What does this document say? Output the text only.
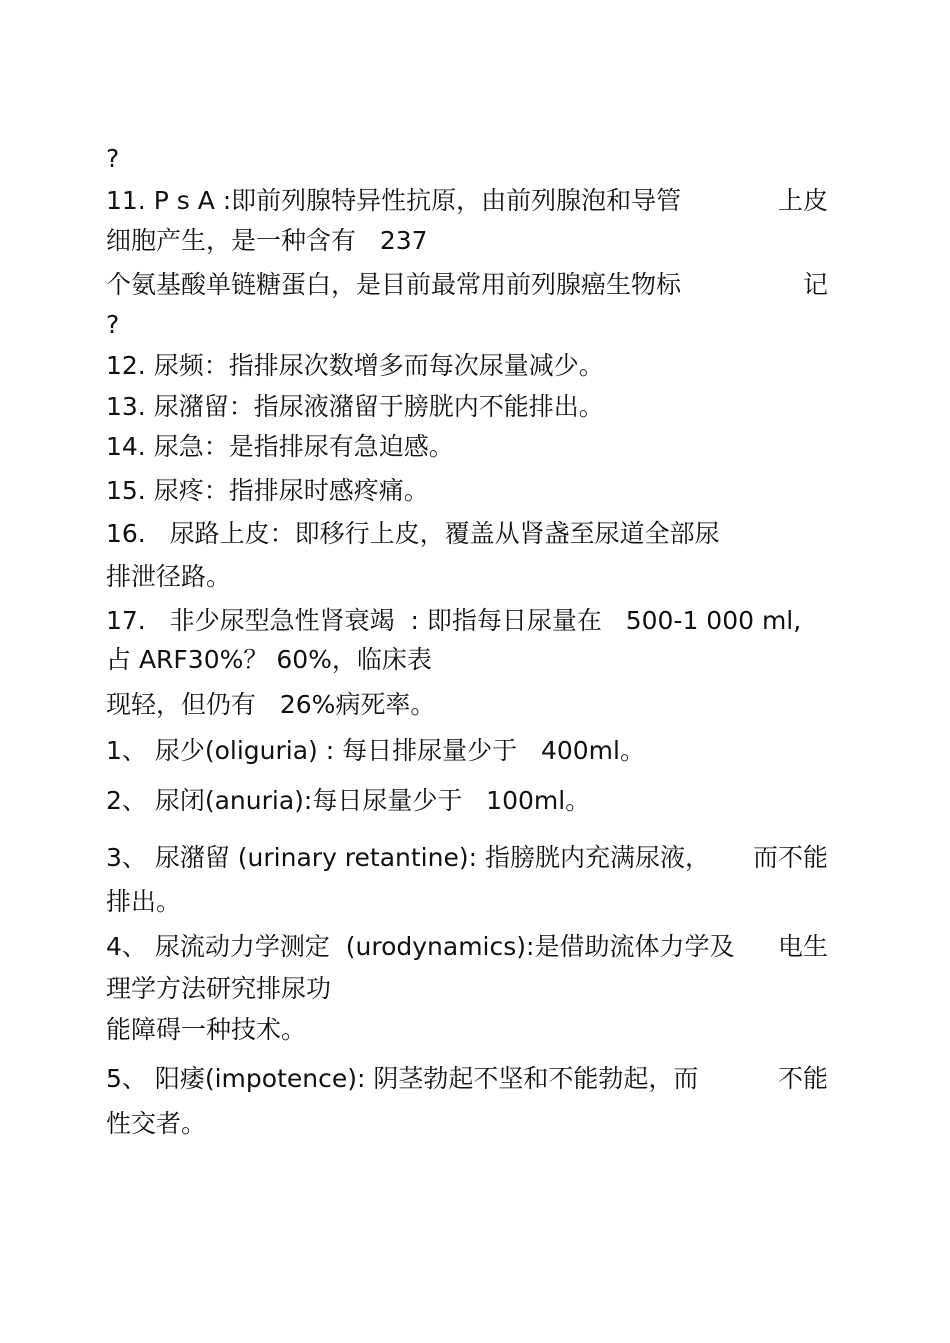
?
11. P s A :即前列腺特异性抗原，由前列腺泡和导管	上皮
细胞产生，是一种含有   237
个氨基酸单链糖蛋白，是目前最常用前列腺癌生物标	记
?
12. 尿频：指排尿次数增多而每次尿量减少。
13. 尿潴留：指尿液潴留于膀胱内不能排出。
14. 尿急：是指排尿有急迫感。
15. 尿疼：指排尿时感疼痛。
16.   尿路上皮：即移行上皮，覆盖从肾盏至尿道全部尿
排泄径路。
17.   非少尿型急性肾衰竭  : 即指每日尿量在   500-1 000 ml,
占 ARF30%？ 60%，临床表
现轻，但仍有   26%病死率。
1、 尿少(oliguria) : 每日排尿量少于   400ml。
2、 尿闭(anuria):每日尿量少于   100ml。
3、 尿潴留 (urinary retantine): 指膀胱内充满尿液， 而不能
排出。
4、 尿流动力学测定  (urodynamics):是借助流体力学及 电生
理学方法研究排尿功
能障碍一种技术。
5、 阳痿(impotence): 阴茎勃起不坚和不能勃起，而	不能
性交者。
